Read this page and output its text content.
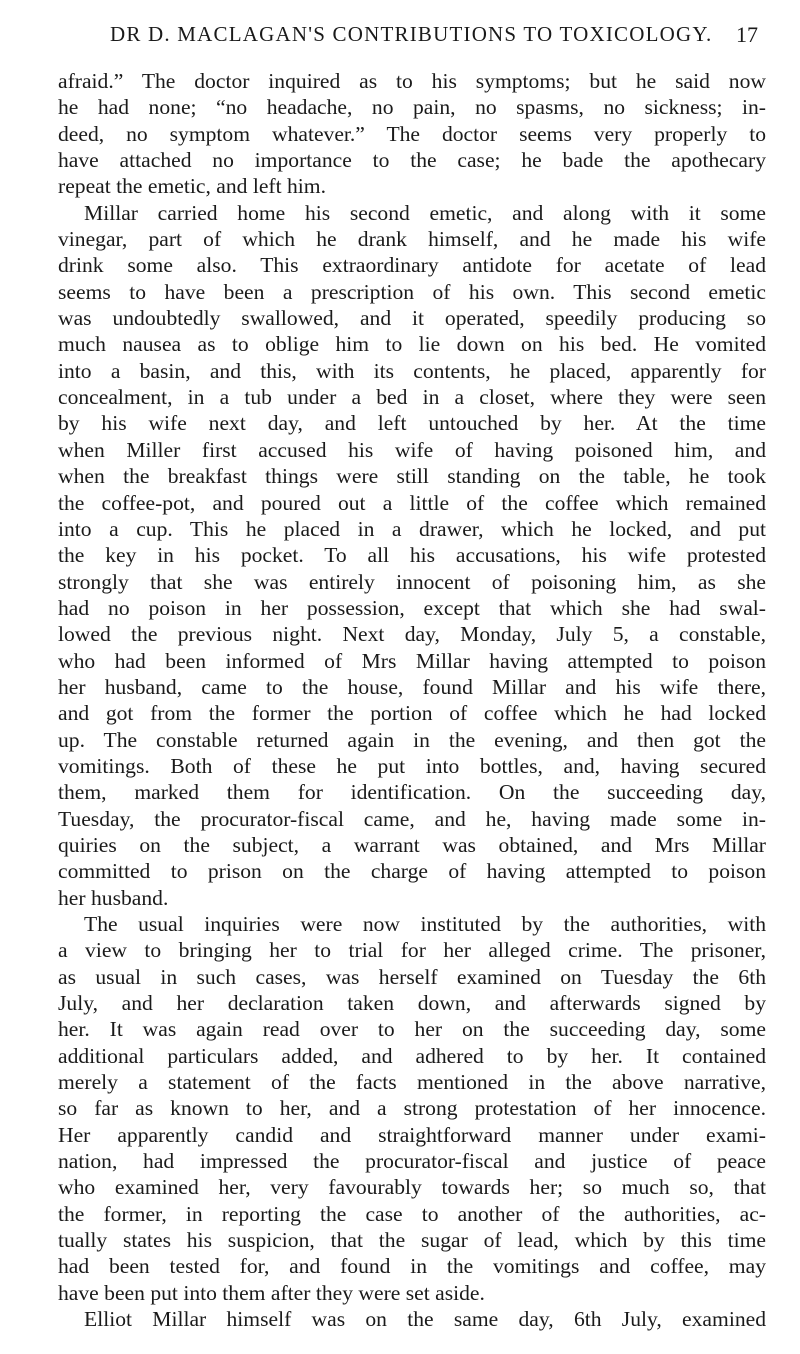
DR D. MACLAGAN'S CONTRIBUTIONS TO TOXICOLOGY. 17
afraid.” The doctor inquired as to his symptoms; but he said now
he had none; “no headache, no pain, no spasms, no sickness; in-
deed, no symptom whatever.” The doctor seems very properly to
have attached no importance to the case; he bade the apothecary
repeat the emetic, and left him.
Millar carried home his second emetic, and along with it some
vinegar, part of which he drank himself, and he made his wife
drink some also. This extraordinary antidote for acetate of lead
seems to have been a prescription of his own. This second emetic
was undoubtedly swallowed, and it operated, speedily producing so
much nausea as to oblige him to lie down on his bed. He vomited
into a basin, and this, with its contents, he placed, apparently for
concealment, in a tub under a bed in a closet, where they were seen
by his wife next day, and left untouched by her. At the time
when Miller first accused his wife of having poisoned him, and
when the breakfast things were still standing on the table, he took
the coffee-pot, and poured out a little of the coffee which remained
into a cup. This he placed in a drawer, which he locked, and put
the key in his pocket. To all his accusations, his wife protested
strongly that she was entirely innocent of poisoning him, as she
had no poison in her possession, except that which she had swal-
lowed the previous night. Next day, Monday, July 5, a constable,
who had been informed of Mrs Millar having attempted to poison
her husband, came to the house, found Millar and his wife there,
and got from the former the portion of coffee which he had locked
up. The constable returned again in the evening, and then got the
vomitings. Both of these he put into bottles, and, having secured
them, marked them for identification. On the succeeding day,
Tuesday, the procurator-fiscal came, and he, having made some in-
quiries on the subject, a warrant was obtained, and Mrs Millar
committed to prison on the charge of having attempted to poison
her husband.
The usual inquiries were now instituted by the authorities, with
a view to bringing her to trial for her alleged crime. The prisoner,
as usual in such cases, was herself examined on Tuesday the 6th
July, and her declaration taken down, and afterwards signed by
her. It was again read over to her on the succeeding day, some
additional particulars added, and adhered to by her. It contained
merely a statement of the facts mentioned in the above narrative,
so far as known to her, and a strong protestation of her innocence.
Her apparently candid and straightforward manner under exami-
nation, had impressed the procurator-fiscal and justice of peace
who examined her, very favourably towards her; so much so, that
the former, in reporting the case to another of the authorities, ac-
tually states his suspicion, that the sugar of lead, which by this time
had been tested for, and found in the vomitings and coffee, may
have been put into them after they were set aside.
Elliot Millar himself was on the same day, 6th July, examined
